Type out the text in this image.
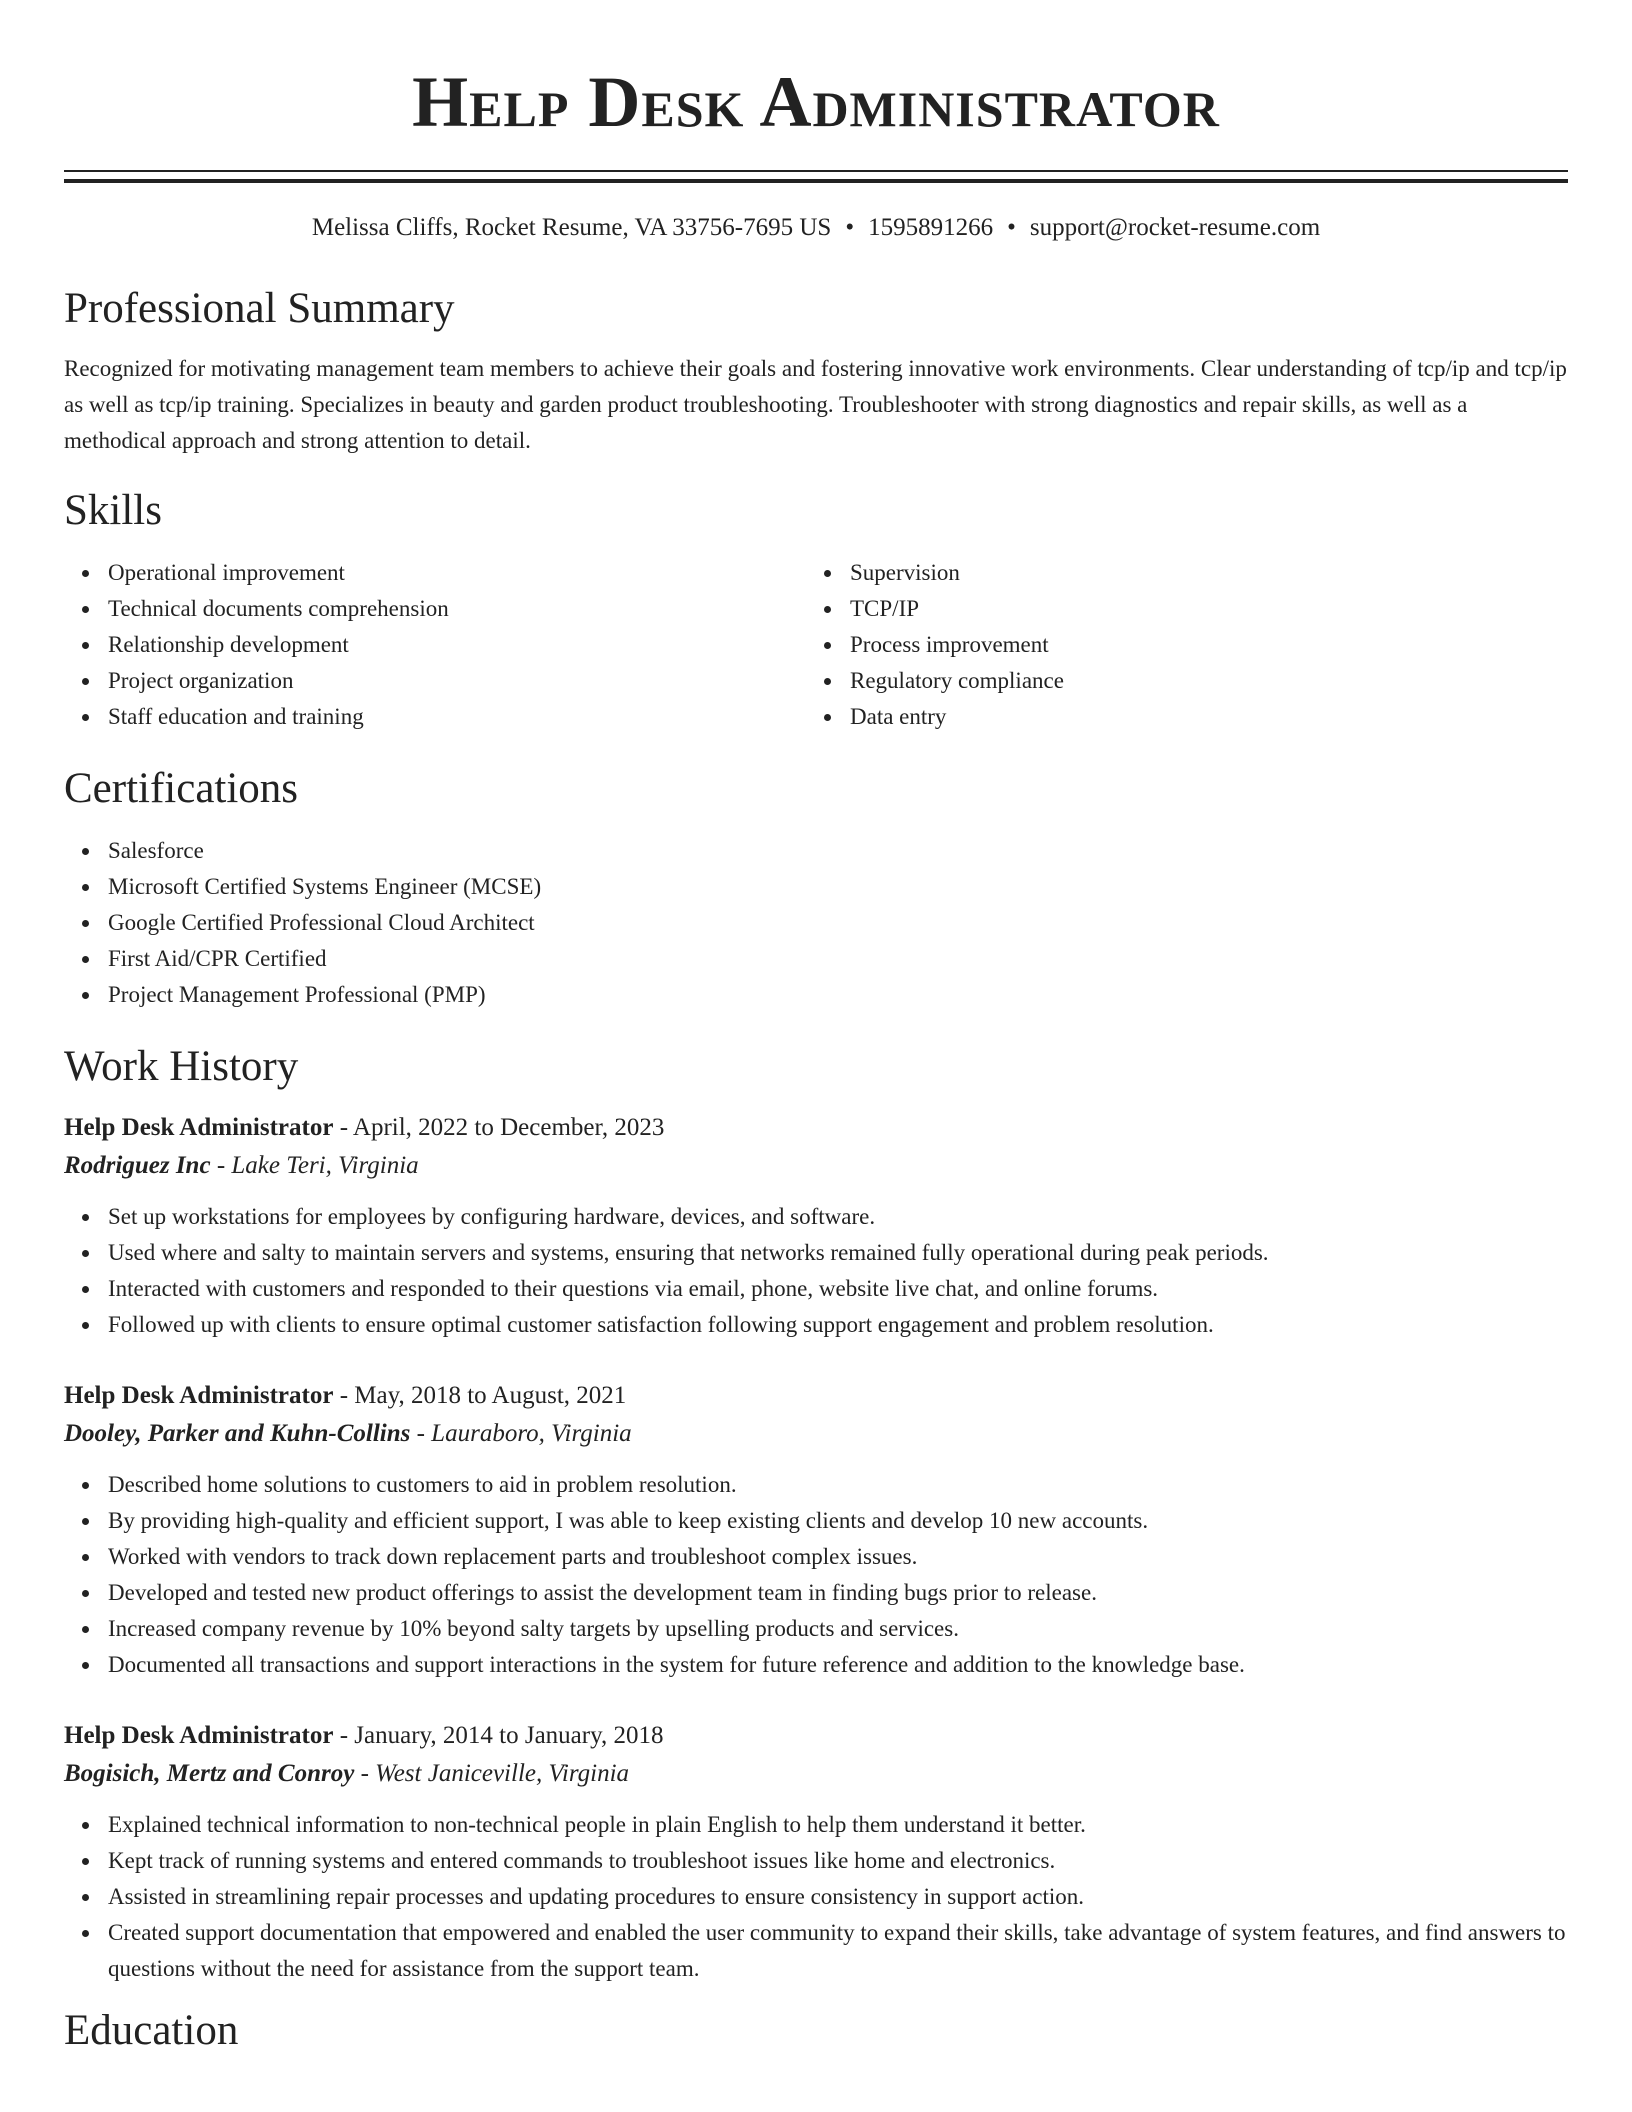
Help Desk Administrator
Melissa Cliffs, Rocket Resume, VA 33756-7695 US • 1595891266 • support@rocket-resume.com
Professional Summary

Recognized for motivating management team members to achieve their goals and fostering innovative work environments. Clear understanding of tcp/ip and tcp/ip as well as tcp/ip training. Specializes in beauty and garden product troubleshooting. Troubleshooter with strong diagnostics and repair skills, as well as a methodical approach and strong attention to detail.

Skills
Operational improvement
Technical documents comprehension
Relationship development
Project organization
Staff education and training
Supervision
TCP/IP
Process improvement
Regulatory compliance
Data entry
Certifications
Salesforce
Microsoft Certified Systems Engineer (MCSE)
Google Certified Professional Cloud Architect
First Aid/CPR Certified
Project Management Professional (PMP)
Work History
Help Desk Administrator - April, 2022 to December, 2023
Rodriguez Inc - Lake Teri, Virginia
Set up workstations for employees by configuring hardware, devices, and software.
Used where and salty to maintain servers and systems, ensuring that networks remained fully operational during peak periods.
Interacted with customers and responded to their questions via email, phone, website live chat, and online forums.
Followed up with clients to ensure optimal customer satisfaction following support engagement and problem resolution.
Help Desk Administrator - May, 2018 to August, 2021
Dooley, Parker and Kuhn-Collins - Lauraboro, Virginia
Described home solutions to customers to aid in problem resolution.
By providing high-quality and efficient support, I was able to keep existing clients and develop 10 new accounts.
Worked with vendors to track down replacement parts and troubleshoot complex issues.
Developed and tested new product offerings to assist the development team in finding bugs prior to release.
Increased company revenue by 10% beyond salty targets by upselling products and services.
Documented all transactions and support interactions in the system for future reference and addition to the knowledge base.
Help Desk Administrator - January, 2014 to January, 2018
Bogisich, Mertz and Conroy - West Janiceville, Virginia
Explained technical information to non-technical people in plain English to help them understand it better.
Kept track of running systems and entered commands to troubleshoot issues like home and electronics.
Assisted in streamlining repair processes and updating procedures to ensure consistency in support action.
Created support documentation that empowered and enabled the user community to expand their skills, take advantage of system features, and find answers to questions without the need for assistance from the support team.
Education
